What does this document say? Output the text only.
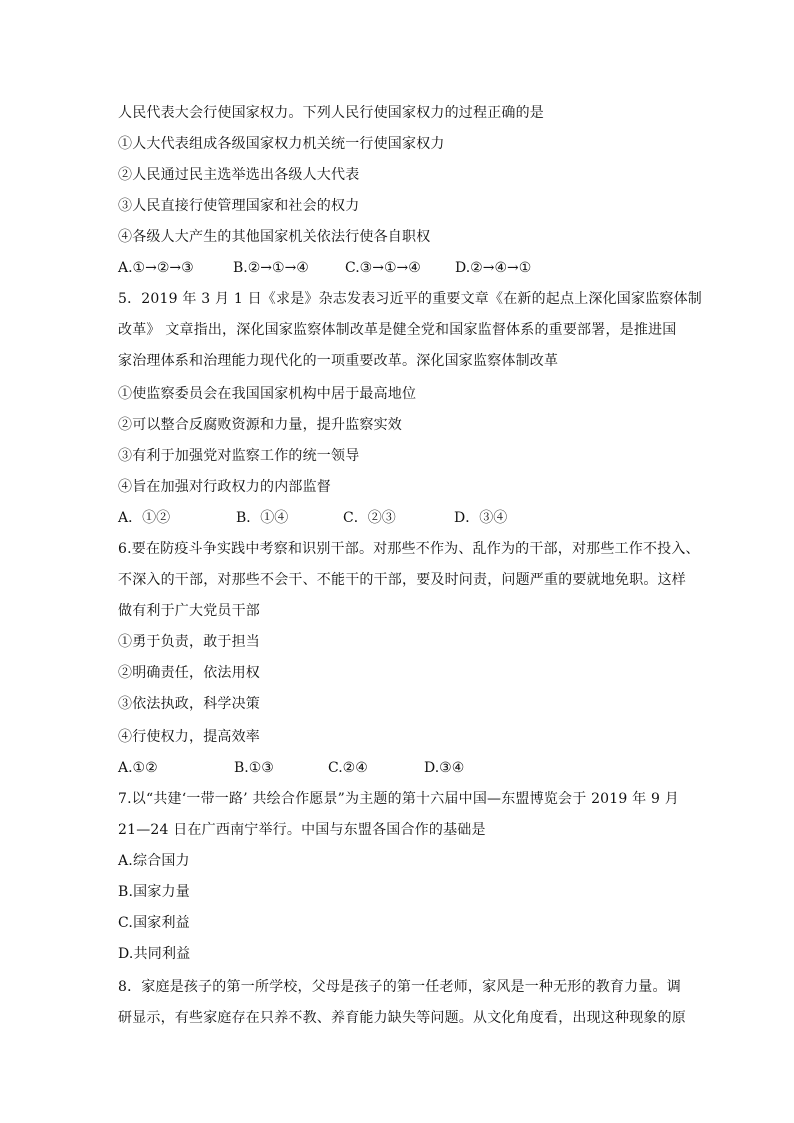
人民代表大会行使国家权力。下列人民行使国家权力的过程正确的是
①人大代表组成各级国家权力机关统一行使国家权力
②人民通过民主选举选出各级人大代表
③人民直接行使管理国家和社会的权力
④各级人大产生的其他国家机关依法行使各自职权
A.①→②→③	B.②→①→④	C.③→①→④ D.②→④→①
5．2019 年 3 月 1 日《求是》杂志发表习近平的重要文章《在新的起点上深化国家监察体制
改革》 文章指出，深化国家监察体制改革是健全党和国家监督体系的重要部署，是推进国
家治理体系和治理能力现代化的一项重要改革。深化国家监察体制改革
①使监察委员会在我国国家机构中居于最高地位
②可以整合反腐败资源和力量，提升监察实效
③有利于加强党对监察工作的统一领导
④旨在加强对行政权力的内部监督
A．①②	B．①④	C．②③	D．③④
6.要在防疫斗争实践中考察和识别干部。对那些不作为、乱作为的干部，对那些工作不投入、
不深入的干部，对那些不会干、不能干的干部，要及时问责，问题严重的要就地免职。这样
做有利于广大党员干部
①勇于负责，敢于担当
②明确责任，依法用权
③依法执政，科学决策
④行使权力，提高效率
A.①②	B.①③	C.②④	D.③④
7.以“共建‘一带一路’ 共绘合作愿景”为主题的第十六届中国—东盟博览会于 2019 年 9 月
21—24 日在广西南宁举行。中国与东盟各国合作的基础是
A.综合国力
B.国家力量
C.国家利益
D.共同利益
8．家庭是孩子的第一所学校，父母是孩子的第一任老师，家风是一种无形的教育力量。调
研显示，有些家庭存在只养不教、养育能力缺失等问题。从文化角度看，出现这种现象的原
